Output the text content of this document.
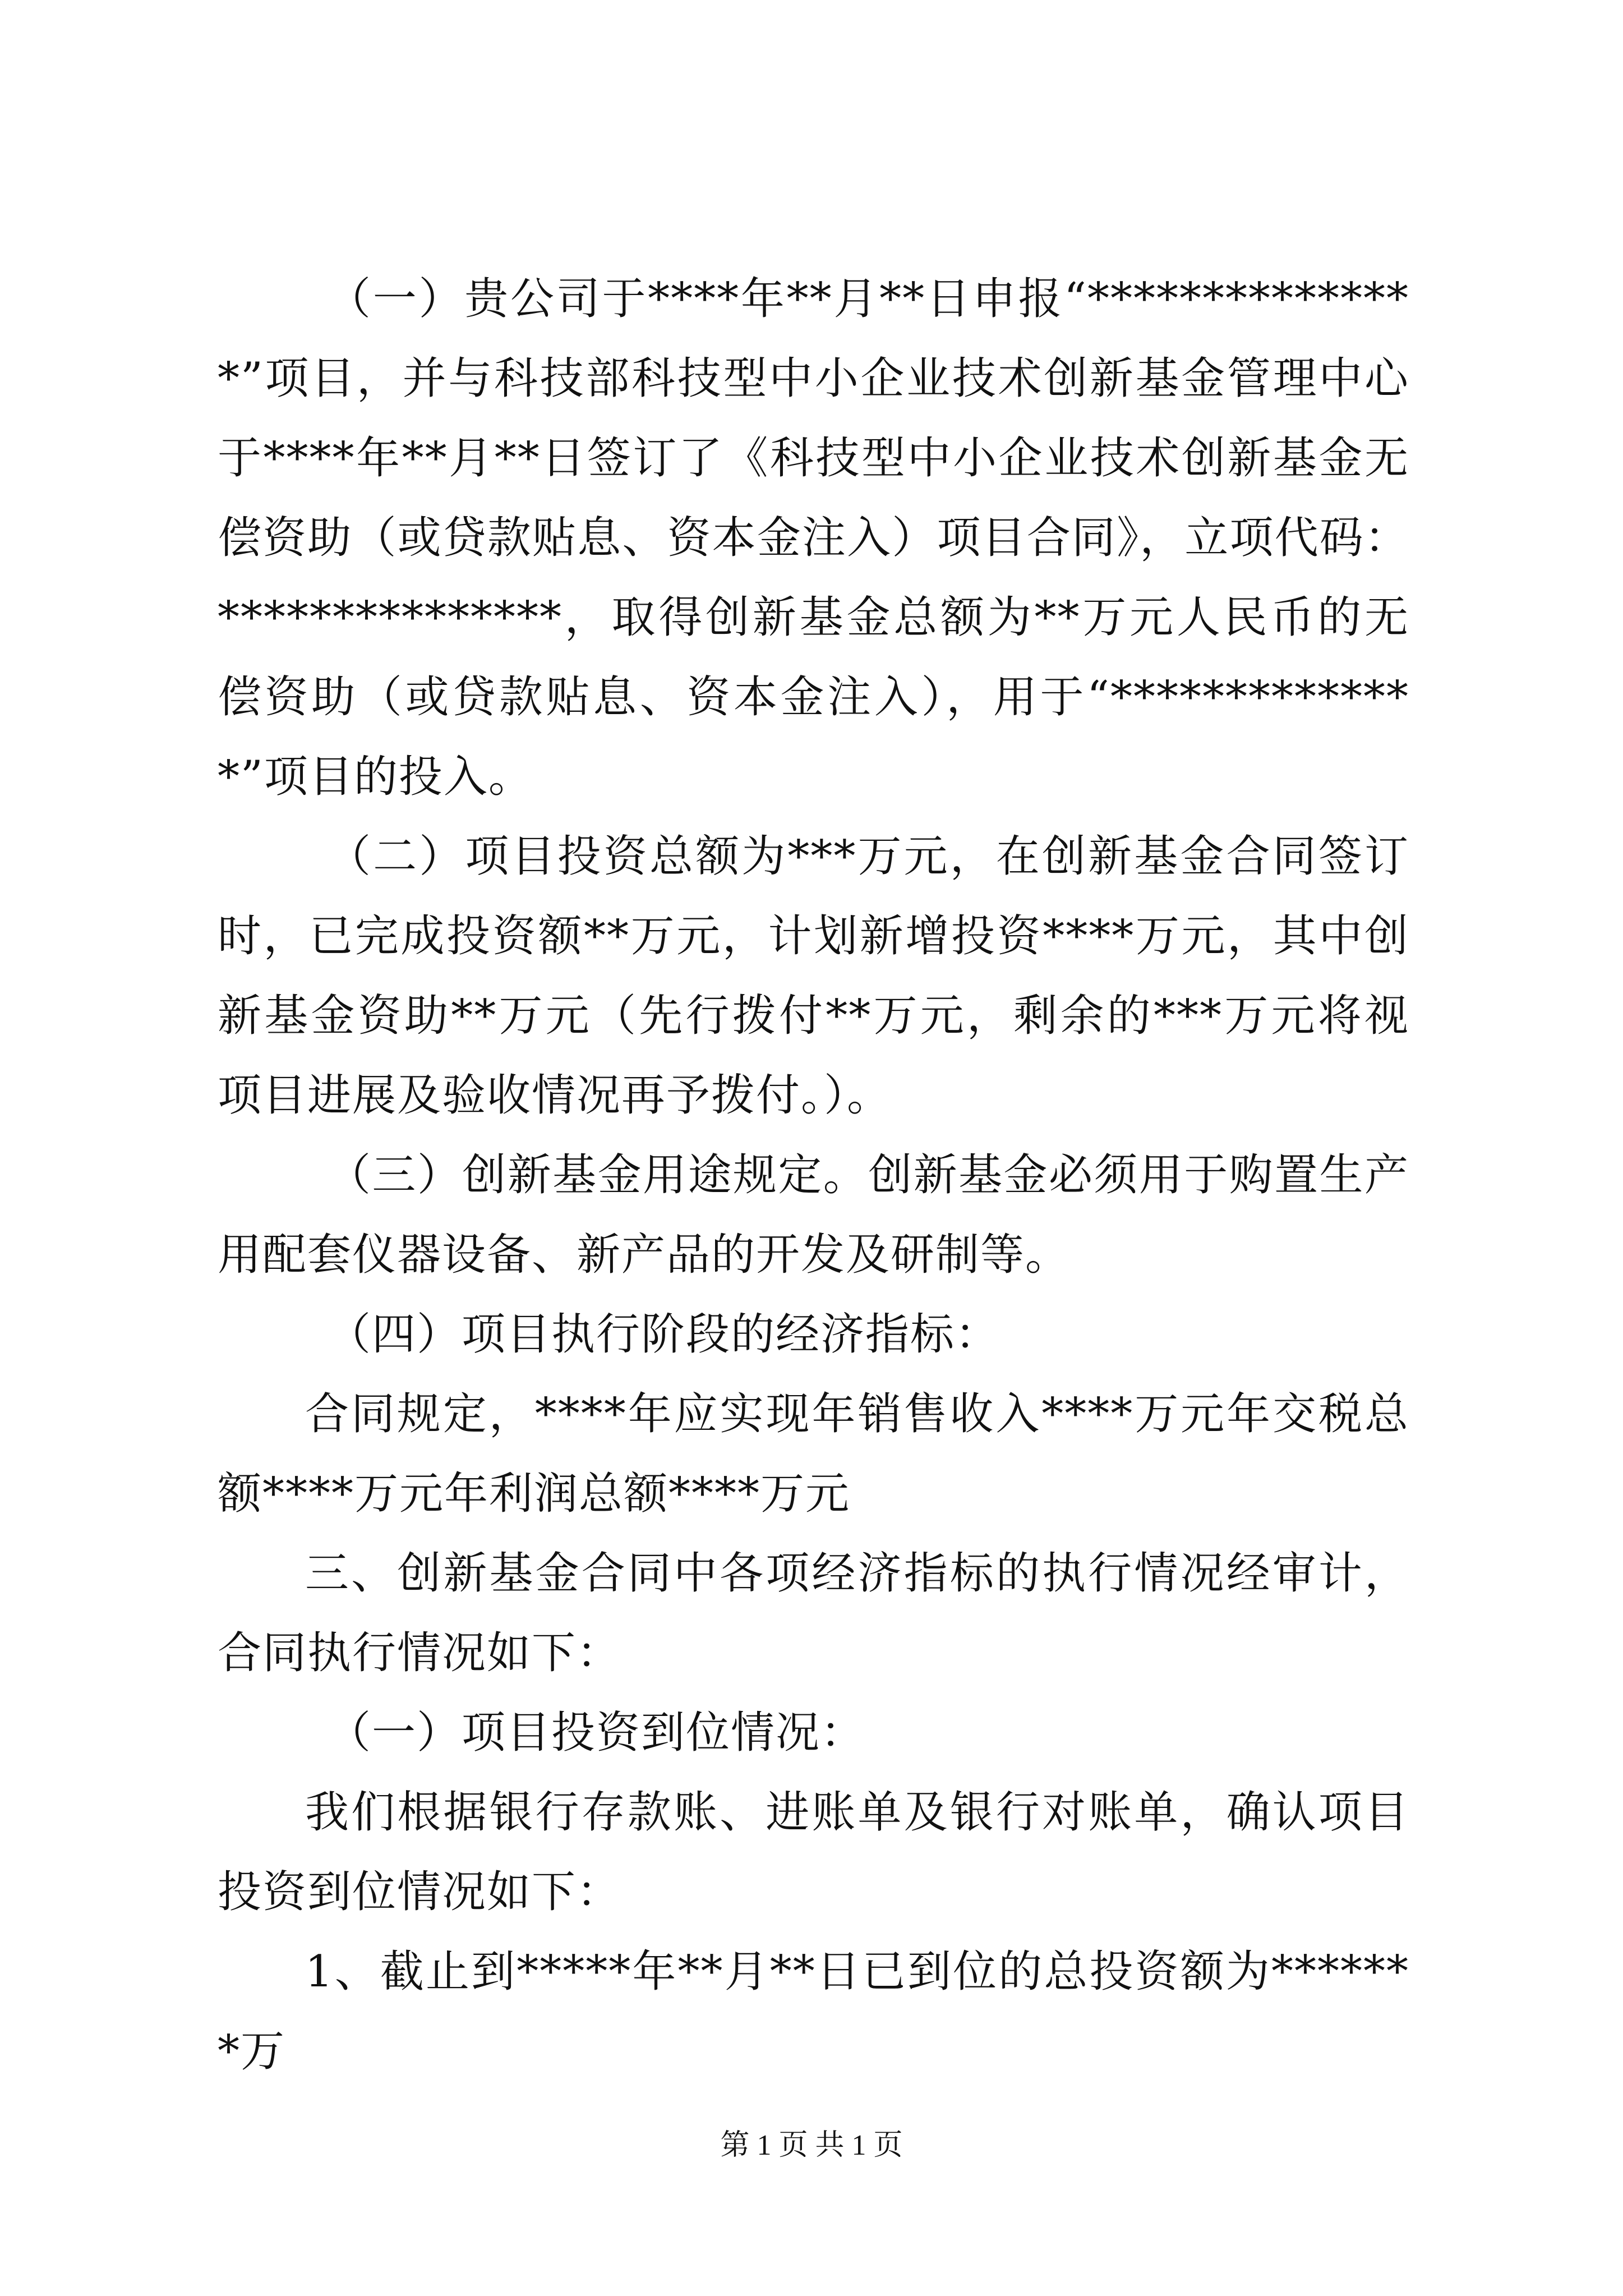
（一）贵公司于****年**月**日申报“***************”项目，并与科技部科技型中小企业技术创新基金管理中心于****年**月**日签订了《科技型中小企业技术创新基金无偿资助（或贷款贴息、资本金注入）项目合同》，立项代码：***************，取得创新基金总额为**万元人民币的无偿资助（或贷款贴息、资本金注入），用于“**************”项目的投入。

（二）项目投资总额为***万元，在创新基金合同签订时，已完成投资额**万元，计划新增投资****万元，其中创新基金资助**万元（先行拨付**万元，剩余的***万元将视项目进展及验收情况再予拨付。）。

（三）创新基金用途规定。创新基金必须用于购置生产用配套仪器设备、新产品的开发及研制等。

（四）项目执行阶段的经济指标：

合同规定，****年应实现年销售收入****万元年交税总额****万元年利润总额****万元

三、创新基金合同中各项经济指标的执行情况经审计，合同执行情况如下：

（一）项目投资到位情况：

我们根据银行存款账、进账单及银行对账单，确认项目投资到位情况如下：

1、截止到*****年**月**日已到位的总投资额为*******万

第 1 页 共 1 页
